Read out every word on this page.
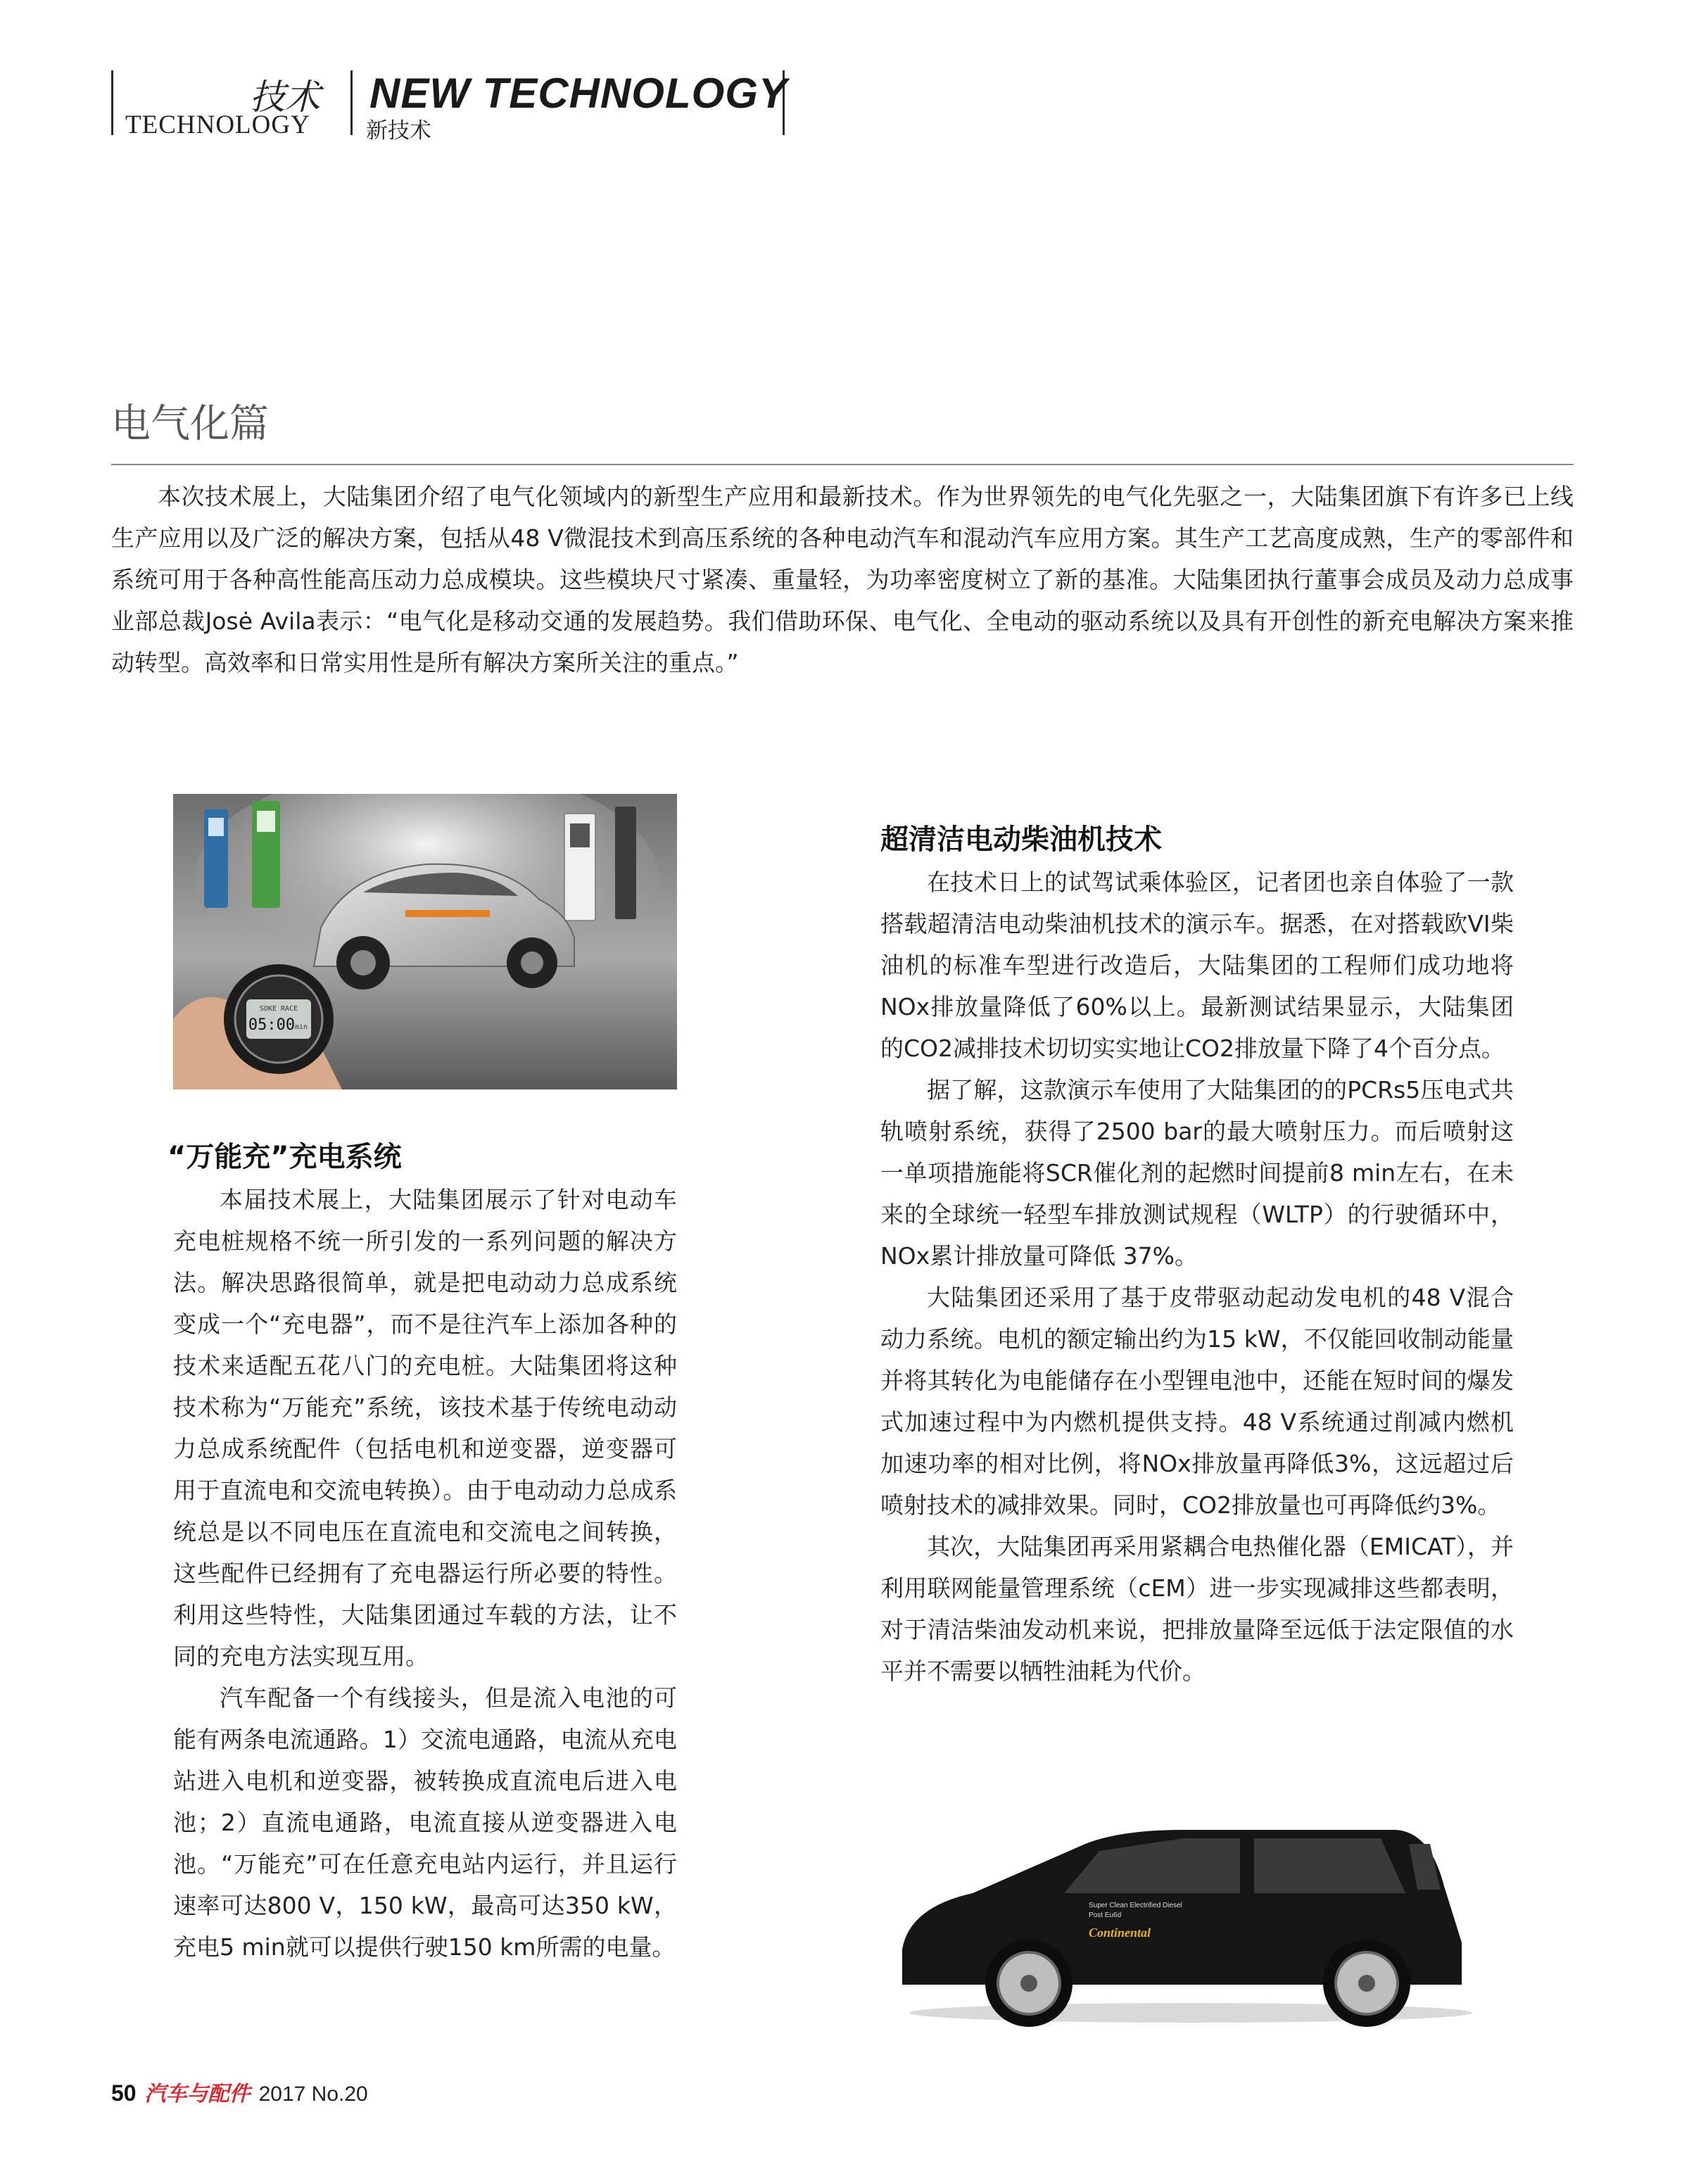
技术
TECHNOLOGY
NEW TECHNOLOGY
新技术
电气化篇

本次技术展上，大陆集团介绍了电气化领域内的新型生产应用和最新技术。作为世界领先的电气化先驱之一，大陆集团旗下有许多已上线生产应用以及广泛的解决方案，包括从48 V微混技术到高压系统的各种电动汽车和混动汽车应用方案。其生产工艺高度成熟，生产的零部件和系统可用于各种高性能高压动力总成模块。这些模块尺寸紧凑、重量轻，为功率密度树立了新的基准。大陆集团执行董事会成员及动力总成事业部总裁Josė Avila表示：“电气化是移动交通的发展趋势。我们借助环保、电气化、全电动的驱动系统以及具有开创性的新充电解决方案来推动转型。高效率和日常实用性是所有解决方案所关注的重点。”

SOKE RACE
05:00 min
“万能充”充电系统

本届技术展上，大陆集团展示了针对电动车充电桩规格不统一所引发的一系列问题的解决方法。解决思路很简单，就是把电动动力总成系统变成一个“充电器”，而不是往汽车上添加各种的技术来适配五花八门的充电桩。大陆集团将这种技术称为“万能充”系统，该技术基于传统电动动力总成系统配件（包括电机和逆变器，逆变器可用于直流电和交流电转换）。由于电动动力总成系统总是以不同电压在直流电和交流电之间转换，这些配件已经拥有了充电器运行所必要的特性。利用这些特性，大陆集团通过车载的方法，让不同的充电方法实现互用。

汽车配备一个有线接头，但是流入电池的可能有两条电流通路。1）交流电通路，电流从充电站进入电机和逆变器，被转换成直流电后进入电池；2）直流电通路，电流直接从逆变器进入电池。“万能充”可在任意充电站内运行，并且运行速率可达800 V，150 kW，最高可达350 kW，充电5 min就可以提供行驶150 km所需的电量。

超清洁电动柴油机技术

在技术日上的试驾试乘体验区，记者团也亲自体验了一款搭载超清洁电动柴油机技术的演示车。据悉，在对搭载欧VI柴油机的标准车型进行改造后，大陆集团的工程师们成功地将NOx排放量降低了60%以上。最新测试结果显示，大陆集团的CO2减排技术切切实实地让CO2排放量下降了4个百分点。

据了解，这款演示车使用了大陆集团的的PCRs5压电式共轨喷射系统，获得了2500 bar的最大喷射压力。而后喷射这一单项措施能将SCR催化剂的起燃时间提前8 min左右，在未来的全球统一轻型车排放测试规程（WLTP）的行驶循环中，NOx累计排放量可降低 37%。

大陆集团还采用了基于皮带驱动起动发电机的48 V混合动力系统。电机的额定输出约为15 kW，不仅能回收制动能量并将其转化为电能储存在小型锂电池中，还能在短时间的爆发式加速过程中为内燃机提供支持。48 V系统通过削减内燃机加速功率的相对比例，将NOx排放量再降低3%，这远超过后喷射技术的减排效果。同时，CO2排放量也可再降低约3%。

其次，大陆集团再采用紧耦合电热催化器（EMICAT），并利用联网能量管理系统（cEM）进一步实现减排这些都表明，对于清洁柴油发动机来说，把排放量降至远低于法定限值的水平并不需要以牺牲油耗为代价。

Super Clean Electrified Diesel
Post Eu6d
Continental
50 汽车与配件 2017 No.20
